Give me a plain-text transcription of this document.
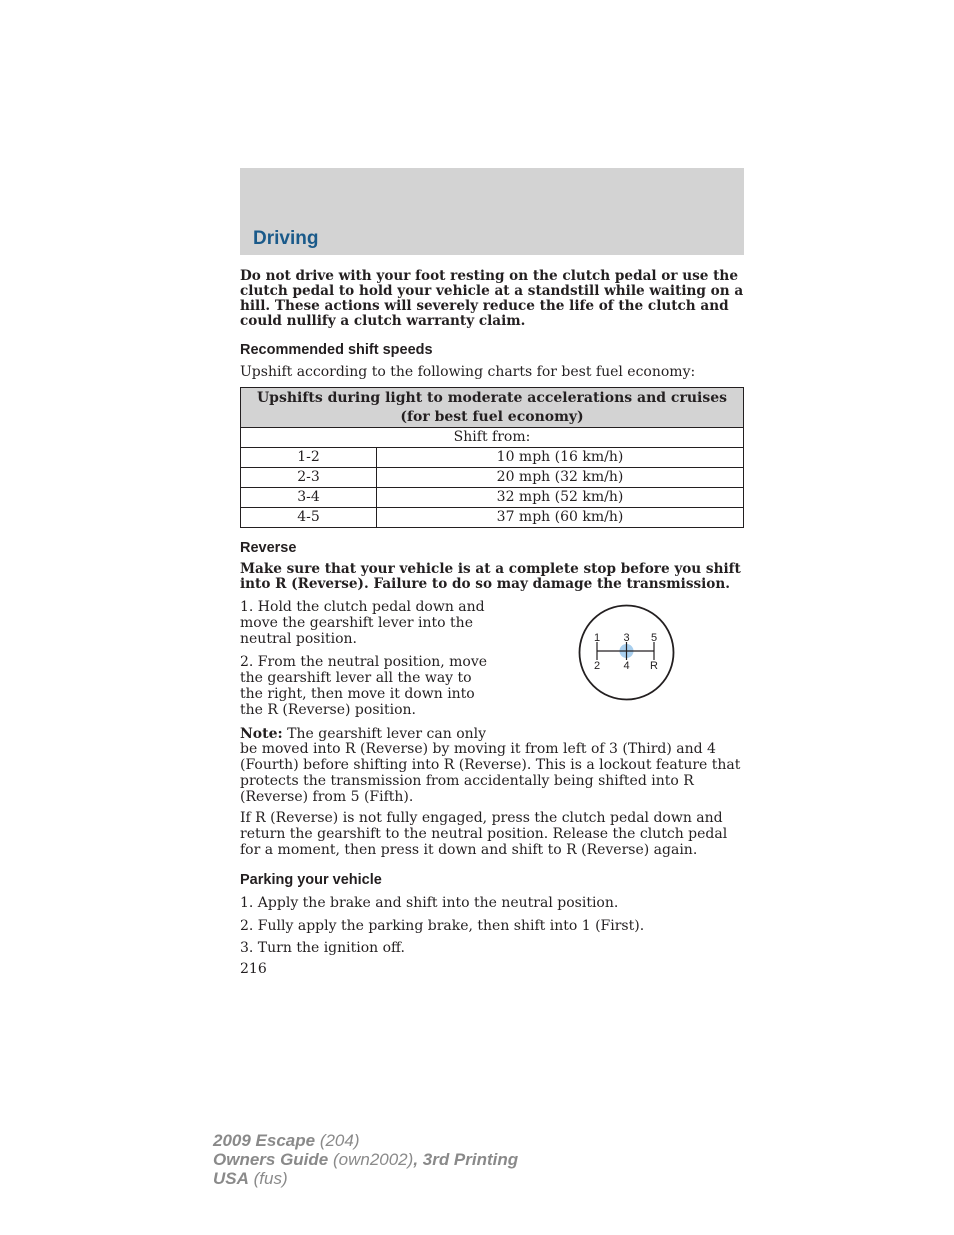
Driving

Do not drive with your foot resting on the clutch pedal or use the clutch pedal to hold your vehicle at a standstill while waiting on a hill. These actions will severely reduce the life of the clutch and could nullify a clutch warranty claim.

Recommended shift speeds

Upshift according to the following charts for best fuel economy:

Upshifts during light to moderate accelerations and cruises (for best fuel economy)	
Shift from:	
1-2	10 mph (16 km/h)
2-3	20 mph (32 km/h)
3-4	32 mph (52 km/h)
4-5	37 mph (60 km/h)
Reverse

Make sure that your vehicle is at a complete stop before you shift into R (Reverse). Failure to do so may damage the transmission.

1. Hold the clutch pedal down and move the gearshift lever into the neutral position.

2. From the neutral position, move the gearshift lever all the way to the right, then move it down into the R (Reverse) position.

Note: The gearshift lever can only

be moved into R (Reverse) by moving it from left of 3 (Third) and 4 (Fourth) before shifting into R (Reverse). This is a lockout feature that protects the transmission from accidentally being shifted into R (Reverse) from 5 (Fifth).

If R (Reverse) is not fully engaged, press the clutch pedal down and return the gearshift to the neutral position. Release the clutch pedal for a moment, then press it down and shift to R (Reverse) again.

1 3 5
2 4 R
Parking your vehicle

1. Apply the brake and shift into the neutral position.

2. Fully apply the parking brake, then shift into 1 (First).

3. Turn the ignition off.

216
2009 Escape (204)
Owners Guide (own2002), 3rd Printing
USA (fus)
